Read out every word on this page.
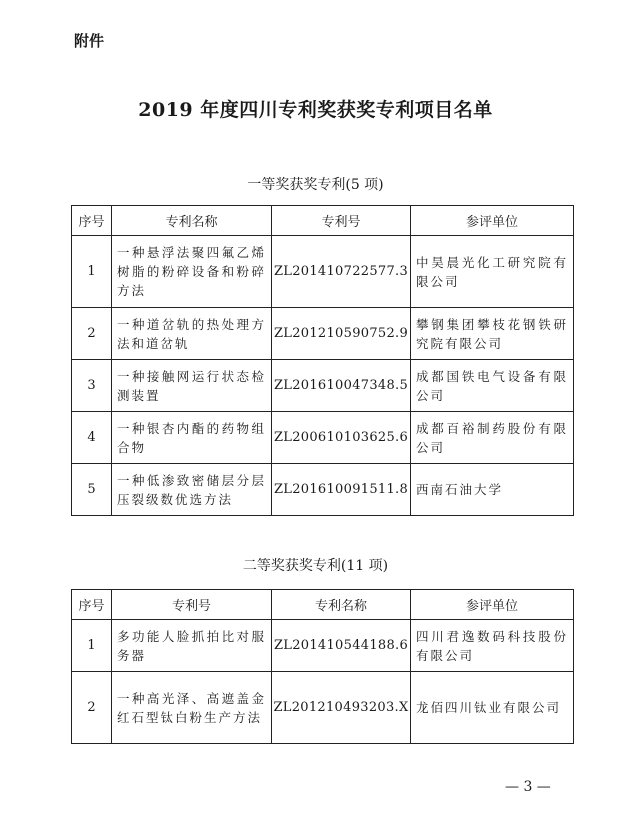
附件
2019 年度四川专利奖获奖专利项目名单
一等奖获奖专利(5 项)
序号	专利名称	专利号	参评单位
1	一种悬浮法聚四氟乙烯树脂的粉碎设备和粉碎方法	ZL201410722577.3	中昊晨光化工研究院有限公司
2	一种道岔轨的热处理方法和道岔轨	ZL201210590752.9	攀钢集团攀枝花钢铁研究院有限公司
3	一种接触网运行状态检测装置	ZL201610047348.5	成都国铁电气设备有限公司
4	一种银杏内酯的药物组合物	ZL200610103625.6	成都百裕制药股份有限公司
5	一种低渗致密储层分层压裂级数优选方法	ZL201610091511.8	西南石油大学
二等奖获奖专利(11 项)
序号	专利号	专利名称	参评单位
1	多功能人脸抓拍比对服务器	ZL201410544188.6	四川君逸数码科技股份有限公司
2	一种高光泽、高遮盖金红石型钛白粉生产方法	ZL201210493203.X	龙佰四川钛业有限公司
— 3 —
